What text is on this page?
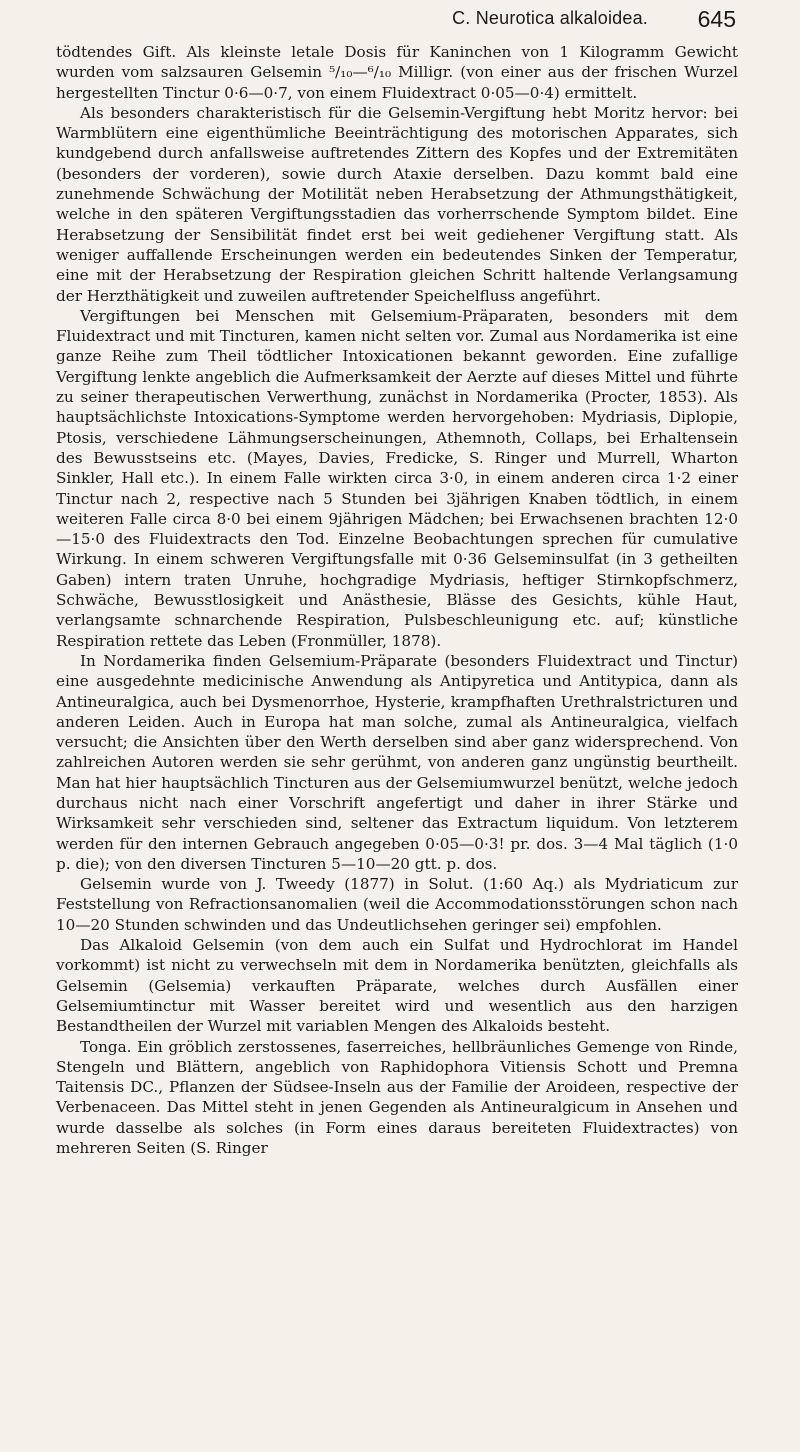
C. Neurotica alkaloidea. 645

tödtendes Gift. Als kleinste letale Dosis für Kaninchen von 1 Kilogramm Gewicht wurden vom salzsauren Gelsemin ⁵/₁₀—⁶/₁₀ Milligr. (von einer aus der frischen Wurzel hergestellten Tinctur 0·6—0·7, von einem Fluidextract 0·05—0·4) ermittelt.

Als besonders charakteristisch für die Gelsemin-Vergiftung hebt Moritz hervor: bei Warmblütern eine eigenthümliche Beeinträchtigung des motorischen Apparates, sich kundgebend durch anfallsweise auftretendes Zittern des Kopfes und der Extremitäten (besonders der vorderen), sowie durch Ataxie derselben. Dazu kommt bald eine zunehmende Schwächung der Motilität neben Herabsetzung der Athmungsthätigkeit, welche in den späteren Vergiftungsstadien das vorherrschende Symptom bildet. Eine Herabsetzung der Sensibilität findet erst bei weit gediehener Vergiftung statt. Als weniger auffallende Erscheinungen werden ein bedeutendes Sinken der Temperatur, eine mit der Herabsetzung der Respiration gleichen Schritt haltende Verlangsamung der Herzthätigkeit und zuweilen auftretender Speichelfluss angeführt.

Vergiftungen bei Menschen mit Gelsemium-Präparaten, besonders mit dem Fluidextract und mit Tincturen, kamen nicht selten vor. Zumal aus Nordamerika ist eine ganze Reihe zum Theil tödtlicher Intoxicationen bekannt geworden. Eine zufallige Vergiftung lenkte angeblich die Aufmerksamkeit der Aerzte auf dieses Mittel und führte zu seiner therapeutischen Verwerthung, zunächst in Nordamerika (Procter, 1853). Als hauptsächlichste Intoxications-Symptome werden hervorgehoben: Mydriasis, Diplopie, Ptosis, verschiedene Lähmungserscheinungen, Athemnoth, Collaps, bei Erhaltensein des Bewusstseins etc. (Mayes, Davies, Fredicke, S. Ringer und Murrell, Wharton Sinkler, Hall etc.). In einem Falle wirkten circa 3·0, in einem anderen circa 1·2 einer Tinctur nach 2, respective nach 5 Stunden bei 3jährigen Knaben tödtlich, in einem weiteren Falle circa 8·0 bei einem 9jährigen Mädchen; bei Erwachsenen brachten 12·0—15·0 des Fluidextracts den Tod. Einzelne Beobachtungen sprechen für cumulative Wirkung. In einem schweren Vergiftungsfalle mit 0·36 Gelseminsulfat (in 3 getheilten Gaben) intern traten Unruhe, hochgradige Mydriasis, heftiger Stirnkopfschmerz, Schwäche, Bewusstlosigkeit und Anästhesie, Blässe des Gesichts, kühle Haut, verlangsamte schnarchende Respiration, Pulsbeschleunigung etc. auf; künstliche Respiration rettete das Leben (Fronmüller, 1878).

In Nordamerika finden Gelsemium-Präparate (besonders Fluidextract und Tinctur) eine ausgedehnte medicinische Anwendung als Antipyretica und Antitypica, dann als Antineuralgica, auch bei Dysmenorrhoe, Hysterie, krampfhaften Urethralstricturen und anderen Leiden. Auch in Europa hat man solche, zumal als Antineuralgica, vielfach versucht; die Ansichten über den Werth derselben sind aber ganz widersprechend. Von zahlreichen Autoren werden sie sehr gerühmt, von anderen ganz ungünstig beurtheilt. Man hat hier hauptsächlich Tincturen aus der Gelsemiumwurzel benützt, welche jedoch durchaus nicht nach einer Vorschrift angefertigt und daher in ihrer Stärke und Wirksamkeit sehr verschieden sind, seltener das Extractum liquidum. Von letzterem werden für den internen Gebrauch angegeben 0·05—0·3! pr. dos. 3—4 Mal täglich (1·0 p. die); von den diversen Tincturen 5—10—20 gtt. p. dos.

Gelsemin wurde von J. Tweedy (1877) in Solut. (1:60 Aq.) als Mydriaticum zur Feststellung von Refractionsanomalien (weil die Accommodationsstörungen schon nach 10—20 Stunden schwinden und das Undeutlichsehen geringer sei) empfohlen.

Das Alkaloid Gelsemin (von dem auch ein Sulfat und Hydrochlorat im Handel vorkommt) ist nicht zu verwechseln mit dem in Nordamerika benützten, gleichfalls als Gelsemin (Gelsemia) verkauften Präparate, welches durch Ausfällen einer Gelsemiumtinctur mit Wasser bereitet wird und wesentlich aus den harzigen Bestandtheilen der Wurzel mit variablen Mengen des Alkaloids besteht.

Tonga. Ein gröblich zerstossenes, faserreiches, hellbräunliches Gemenge von Rinde, Stengeln und Blättern, angeblich von Raphidophora Vitiensis Schott und Premna Taitensis DC., Pflanzen der Südsee-Inseln aus der Familie der Aroideen, respective der Verbenaceen. Das Mittel steht in jenen Gegenden als Antineuralgicum in Ansehen und wurde dasselbe als solches (in Form eines daraus bereiteten Fluidextractes) von mehreren Seiten (S. Ringer
